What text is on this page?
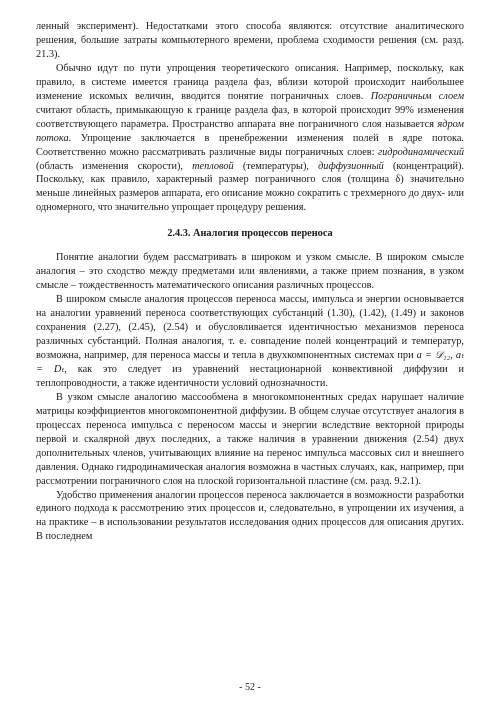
ленный эксперимент). Недостатками этого способа являются: отсутствие аналитического решения, большие затраты компьютерного времени, проблема сходимости решения (см. разд. 21.3).

Обычно идут по пути упрощения теоретического описания. Например, поскольку, как правило, в системе имеется граница раздела фаз, вблизи которой происходит наибольшее изменение искомых величин, вводится понятие пограничных слоев. Пограничным слоем считают область, примыкающую к границе раздела фаз, в которой происходит 99% изменения соответствующего параметра. Пространство аппарата вне пограничного слоя называется ядром потока. Упрощение заключается в пренебрежении изменения полей в ядре потока. Соответственно можно рассматривать различные виды пограничных слоев: гидродинамический (область изменения скорости), тепловой (температуры), диффузионный (концентраций). Поскольку, как правило, характерный размер пограничного слоя (толщина δ) значительно меньше линейных размеров аппарата, его описание можно сократить с трехмерного до двух- или одномерного, что значительно упрощает процедуру решения.

2.4.3. Аналогия процессов переноса

Понятие аналогии будем рассматривать в широком и узком смысле. В широком смысле аналогия – это сходство между предметами или явлениями, а также прием познания, в узком смысле – тождественность математического описания различных процессов.

В широком смысле аналогия процессов переноса массы, импульса и энергии основывается на аналогии уравнений переноса соответствующих субстанций (1.30), (1.42), (1.49) и законов сохранения (2.27), (2.45), (2.54) и обусловливается идентичностью механизмов переноса различных субстанций. Полная аналогия, т. е. совпадение полей концентраций и температур, возможна, например, для переноса массы и тепла в двухкомпонентных системах при a = 𝒟₁₂, aₜ = Dₜ, как это следует из уравнений нестационарной конвективной диффузии и теплопроводности, а также идентичности условий однозначности.

В узком смысле аналогию массообмена в многокомпонентных средах нарушает наличие матрицы коэффициентов многокомпонентной диффузии. В общем случае отсутствует аналогия в процессах переноса импульса с переносом массы и энергии вследствие векторной природы первой и скалярной двух последних, а также наличия в уравнении движения (2.54) двух дополнительных членов, учитывающих влияние на перенос импульса массовых сил и внешнего давления. Однако гидродинамическая аналогия возможна в частных случаях, как, например, при рассмотрении пограничного слоя на плоской горизонтальной пластине (см. разд. 9.2.1).

Удобство применения аналогии процессов переноса заключается в возможности разработки единого подхода к рассмотрению этих процессов и, следовательно, в упрощении их изучения, а на практике – в использовании результатов исследования одних процессов для описания других. В последнем

- 52 -
